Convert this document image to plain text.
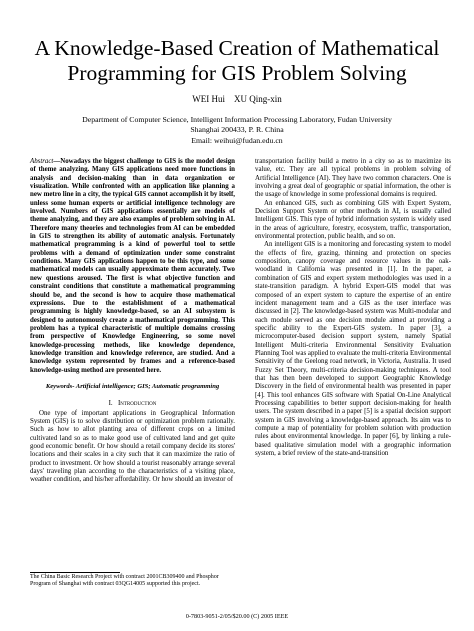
A Knowledge-Based Creation of Mathematical
Programming for GIS Problem Solving
WEI Hui    XU Qing-xin
Department of Computer Science, Intelligent Information Processing Laboratory, Fudan University
Shanghai 200433, P. R. China
Email: weihui@fudan.edu.cn
Abstract—Nowadays the biggest challenge to GIS is the model design of theme analyzing. Many GIS applications need more functions in analysis and decision-making than in data organization or visualization. While confronted with an application like planning a new metro line in a city, the typical GIS cannot accomplish it by itself, unless some human experts or artificial intelligence technology are involved. Numbers of GIS applications essentially are models of theme analyzing, and they are also examples of problem solving in AI. Therefore many theories and technologies from AI can be embedded in GIS to strengthen its ability of automatic analysis. Fortunately mathematical programming is a kind of powerful tool to settle problems with a demand of optimization under some constraint conditions. Many GIS applications happen to be this type, and some mathematical models can usually approximate them accurately. Two new questions aroused. The first is what objective function and constraint conditions that constitute a mathematical programming should be, and the second is how to acquire those mathematical expressions. Due to the establishment of a mathematical programming is highly knowledge-based, so an AI subsystem is designed to autonomously create a mathematical programming. This problem has a typical characteristic of multiple domains crossing from perspective of Knowledge Engineering, so some novel knowledge-processing methods, like knowledge dependence, knowledge transition and knowledge reference, are studied. And a knowledge system represented by frames and a reference-based knowledge-using method are presented here.
Keywords- Artificial intelligence; GIS; Automatic programming
I. Introduction

One type of important applications in Geographical Information System (GIS) is to solve distribution or optimization problem rationally. Such as how to allot planting area of different crops on a limited cultivated land so as to make good use of cultivated land and get quite good economic benefit. Or how should a retail company decide its stores' locations and their scales in a city such that it can maximize the ratio of product to investment. Or how should a tourist reasonably arrange several days' traveling plan according to the characteristics of a visiting place, weather condition, and his/her affordability. Or how should an investor of

The China Basic Research Project with contract 2001CB309400 and Phosphor Program of Shanghai with contract 03QG14005 supported this project.

transportation facility build a metro in a city so as to maximize its value, etc. They are all typical problems in problem solving of Artificial Intelligence (AI). They have two common characters. One is involving a great deal of geographic or spatial information, the other is the usage of knowledge in some professional domains is required.

An enhanced GIS, such as combining GIS with Expert System, Decision Support System or other methods in AI, is usually called Intelligent GIS. This type of hybrid information system is widely used in the areas of agriculture, forestry, ecosystem, traffic, transportation, environmental protection, public health, and so on.

An intelligent GIS is a monitoring and forecasting system to model the effects of fire, grazing, thinning and protection on species composition, canopy coverage and resource values in the oak-woodland in California was presented in [1]. In the paper, a combination of GIS and expert system methodologies was used in a state-transition paradigm. A hybrid Expert-GIS model that was composed of an expert system to capture the expertise of an entire incident management team and a GIS as the user interface was discussed in [2]. The knowledge-based system was Multi-modular and each module served as one decision module aimed at providing a specific ability to the Expert-GIS system. In paper [3], a microcomputer-based decision support system, namely Spatial Intelligent Multi-criteria Environmental Sensitivity Evaluation Planning Tool was applied to evaluate the multi-criteria Environmental Sensitivity of the Geelong road network, in Victoria, Australia. It used Fuzzy Set Theory, multi-criteria decision-making techniques. A tool that has then been developed to support Geographic Knowledge Discovery in the field of environmental health was presented in paper [4]. This tool enhances GIS software with Spatial On-Line Analytical Processing capabilities to better support decision-making for health users. The system described in a paper [5] is a spatial decision support system in GIS involving a knowledge-based approach. Its aim was to compute a map of potentiality for problem solution with production rules about environmental knowledge. In paper [6], by linking a rule-based qualitative simulation model with a geographic information system, a brief review of the state-and-transition

0-7803-9051-2/05/$20.00 (C) 2005 IEEE
